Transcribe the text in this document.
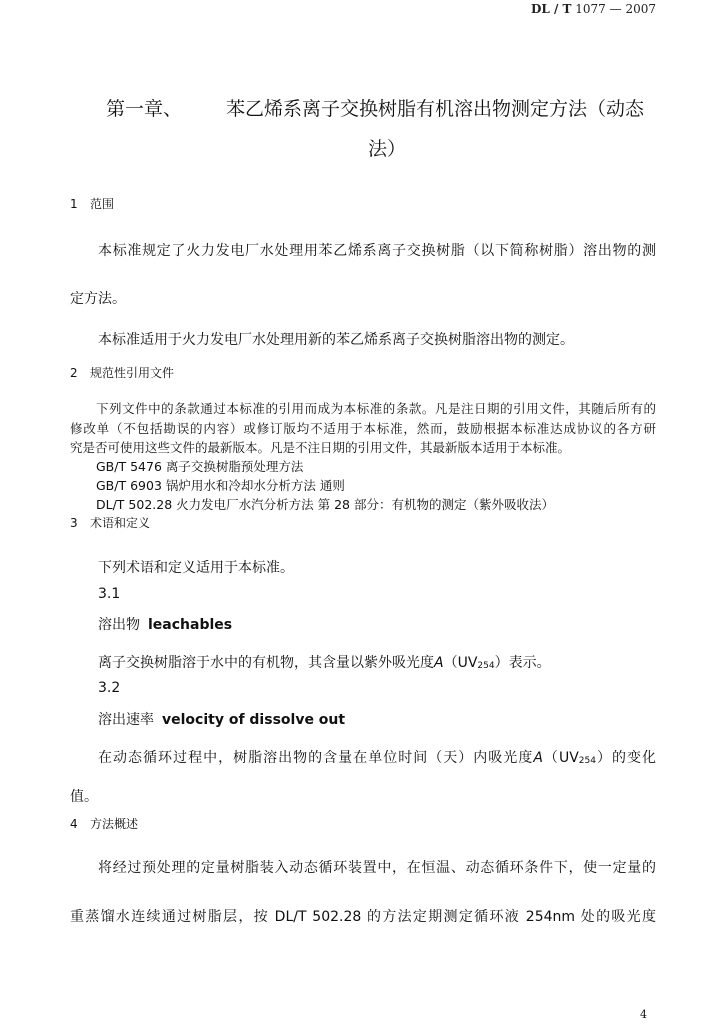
DL / T 1077 — 2007
第一章、 苯乙烯系离子交换树脂有机溶出物测定方法（动态
法）
1 范围
本标准规定了火力发电厂水处理用苯乙烯系离子交换树脂（以下简称树脂）溶出物的测
定方法。
本标准适用于火力发电厂水处理用新的苯乙烯系离子交换树脂溶出物的测定。
2 规范性引用文件
下列文件中的条款通过本标准的引用而成为本标准的条款。凡是注日期的引用文件，其随后所有的
修改单（不包括勘误的内容）或修订版均不适用于本标准，然而，鼓励根据本标准达成协议的各方研
究是否可使用这些文件的最新版本。凡是不注日期的引用文件，其最新版本适用于本标准。
GB/T 5476 离子交换树脂预处理方法
GB/T 6903 锅炉用水和冷却水分析方法 通则
DL/T 502.28 火力发电厂水汽分析方法 第 28 部分：有机物的测定（紫外吸收法）
3 术语和定义
下列术语和定义适用于本标准。
3.1
溶出物 leachables
离子交换树脂溶于水中的有机物，其含量以紫外吸光度$A(UV_{254})$表示。
3.2
溶出速率 velocity of dissolve out
在动态循环过程中，树脂溶出物的含量在单位时间（天）内吸光度$A(UV_{254})$的变化
值。
4 方法概述
将经过预处理的定量树脂装入动态循环装置中，在恒温、动态循环条件下，使一定量的
重蒸馏水连续通过树脂层，按 DL/T 502.28 的方法定期测定循环液 254nm 处的吸光度
4
